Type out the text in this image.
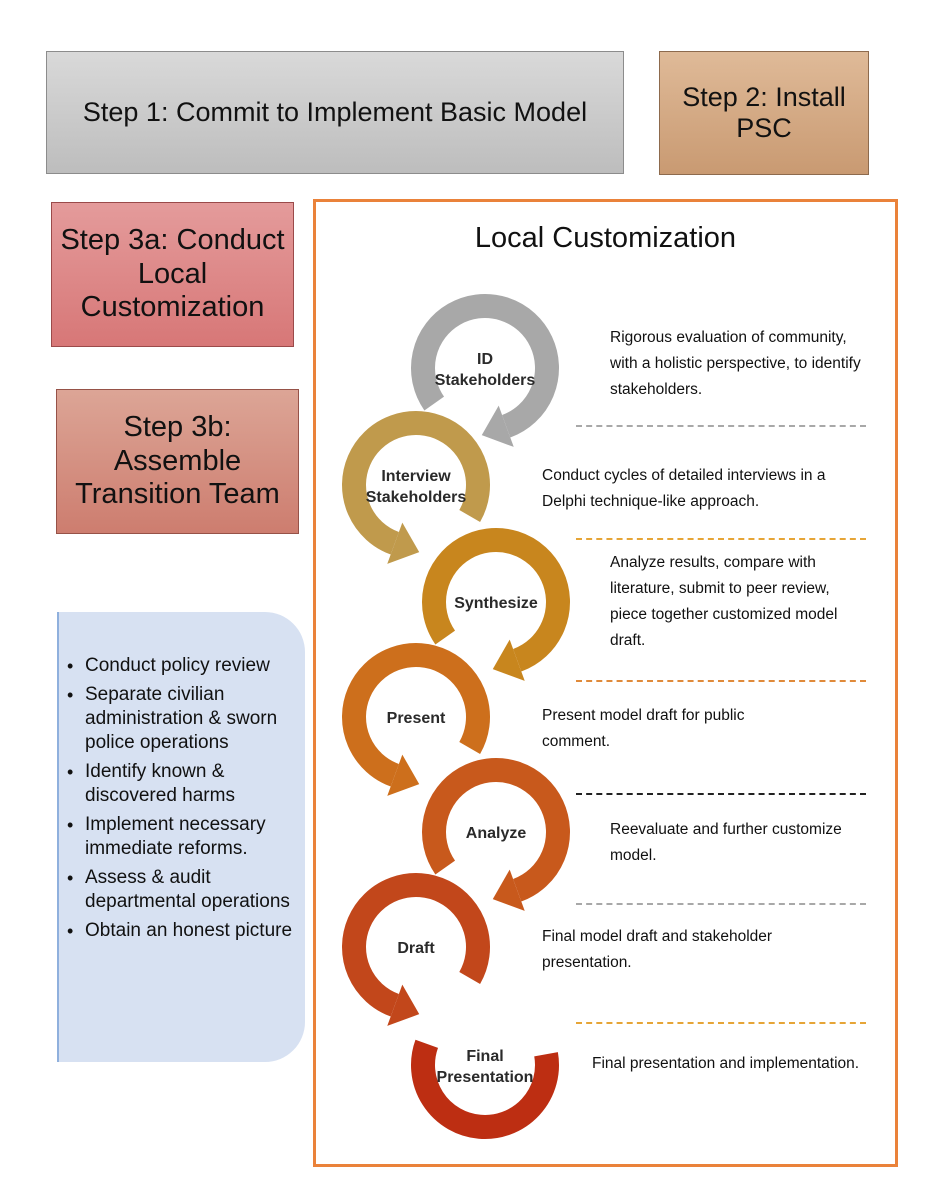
Step 1: Commit to Implement Basic Model
Step 2: Install PSC
Step 3a: Conduct Local Customization
Step 3b: Assemble Transition Team
• Conduct policy review
• Separate civilian administration & sworn police operations
• Identify known & discovered harms
• Implement necessary immediate reforms.
• Assess & audit departmental operations
• Obtain an honest picture
Local Customization
ID Stakeholders
Interview Stakeholders
Synthesize
Present
Analyze
Draft
Final Presentation
Rigorous evaluation of community, with a holistic perspective, to identify stakeholders.
Conduct cycles of detailed interviews in a Delphi technique-like approach.
Analyze results, compare with literature, submit to peer review, piece together customized model draft.
Present model draft for public comment.
Reevaluate and further customize model.
Final model draft and stakeholder presentation.
Final presentation and implementation.
